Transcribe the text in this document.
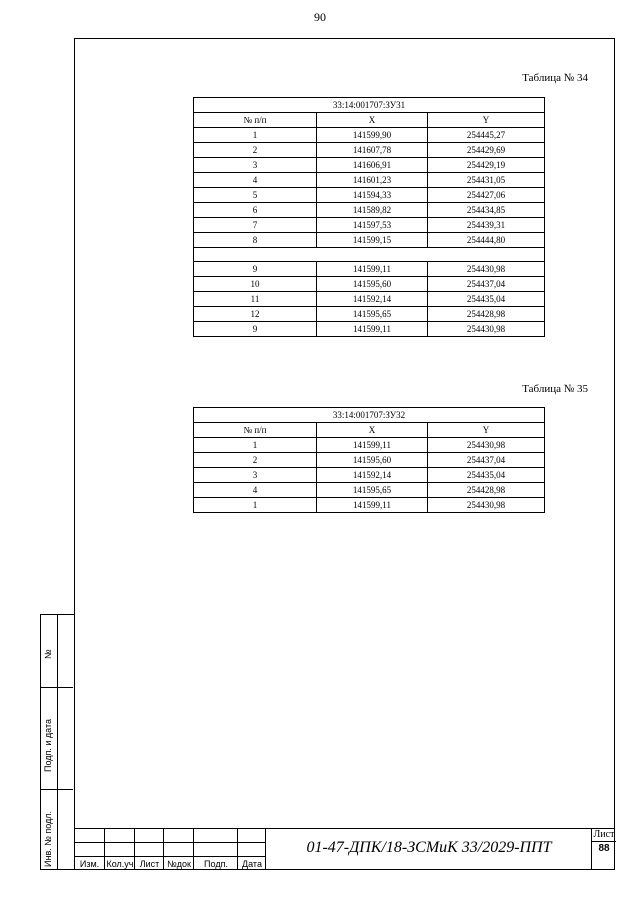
90
Таблица № 34
33:14:001707:ЗУ31		
№ п/п	X	Y
1	141599,90	254445,27
2	141607,78	254429,69
3	141606,91	254429,19
4	141601,23	254431,05
5	141594,33	254427,06
6	141589,82	254434,85
7	141597,53	254439,31
8	141599,15	254444,80

9	141599,11	254430,98
10	141595,60	254437,04
11	141592,14	254435,04
12	141595,65	254428,98
9	141599,11	254430,98
Таблица № 35
33:14:001707:ЗУ32		
№ п/п	X	Y
1	141599,11	254430,98
2	141595,60	254437,04
3	141592,14	254435,04
4	141595,65	254428,98
1	141599,11	254430,98
№
Подп. и дата
Инв. № подл.	Изм. Кол.уч Лист №док	Подп.	Дата
01-47-ДПК/18-ЗСМиК 33/2029-ППТ
Лист
88
